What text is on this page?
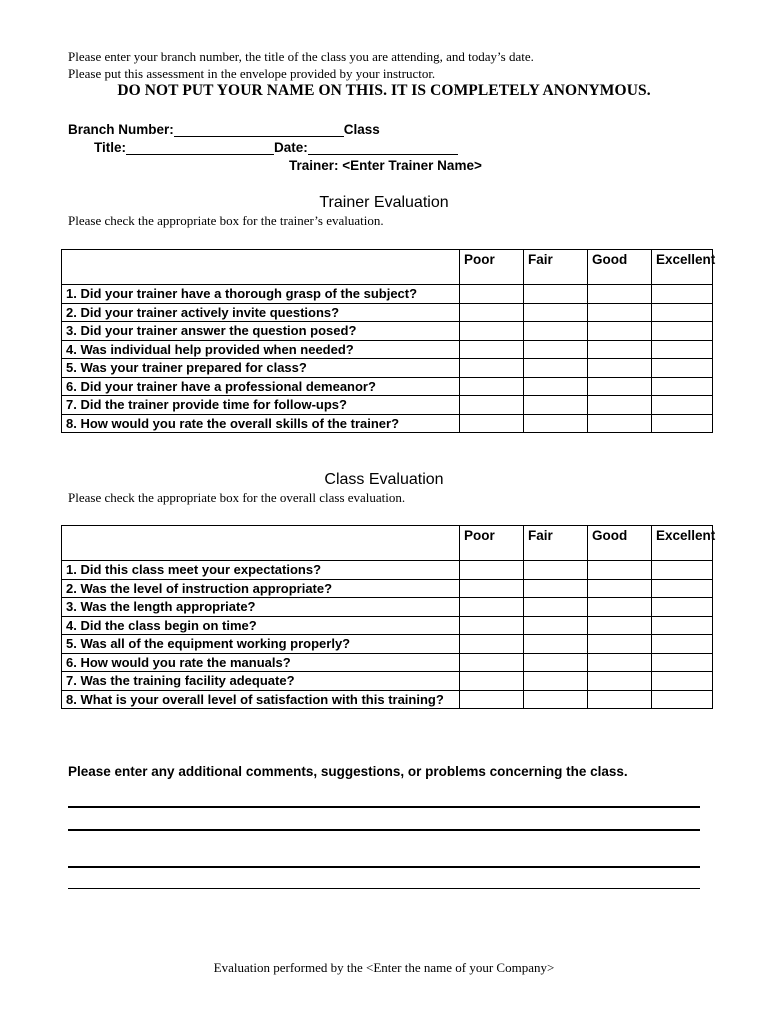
Please enter your branch number, the title of the class you are attending, and today’s date.
Please put this assessment in the envelope provided by your instructor.
DO NOT PUT YOUR NAME ON THIS. IT IS COMPLETELY ANONYMOUS.
Branch Number:	Class
Title:	Date:
Trainer: <Enter Trainer Name>
Trainer Evaluation
Please check the appropriate box for the trainer’s evaluation.
	Poor	Fair	Good	Excellent
1. Did your trainer have a thorough grasp of the subject?				
2. Did your trainer actively invite questions?				
3. Did your trainer answer the question posed?				
4. Was individual help provided when needed?				
5. Was your trainer prepared for class?				
6. Did your trainer have a professional demeanor?				
7. Did the trainer provide time for follow-ups?				
8. How would you rate the overall skills of the trainer?				
Class Evaluation
Please check the appropriate box for the overall class evaluation.
	Poor	Fair	Good	Excellent
1. Did this class meet your expectations?				
2. Was the level of instruction appropriate?				
3. Was the length appropriate?				
4. Did the class begin on time?				
5. Was all of the equipment working properly?				
6. How would you rate the manuals?				
7. Was the training facility adequate?				
8. What is your overall level of satisfaction with this training?				
Please enter any additional comments, suggestions, or problems concerning the class.
Evaluation performed by the <Enter the name of your Company>
